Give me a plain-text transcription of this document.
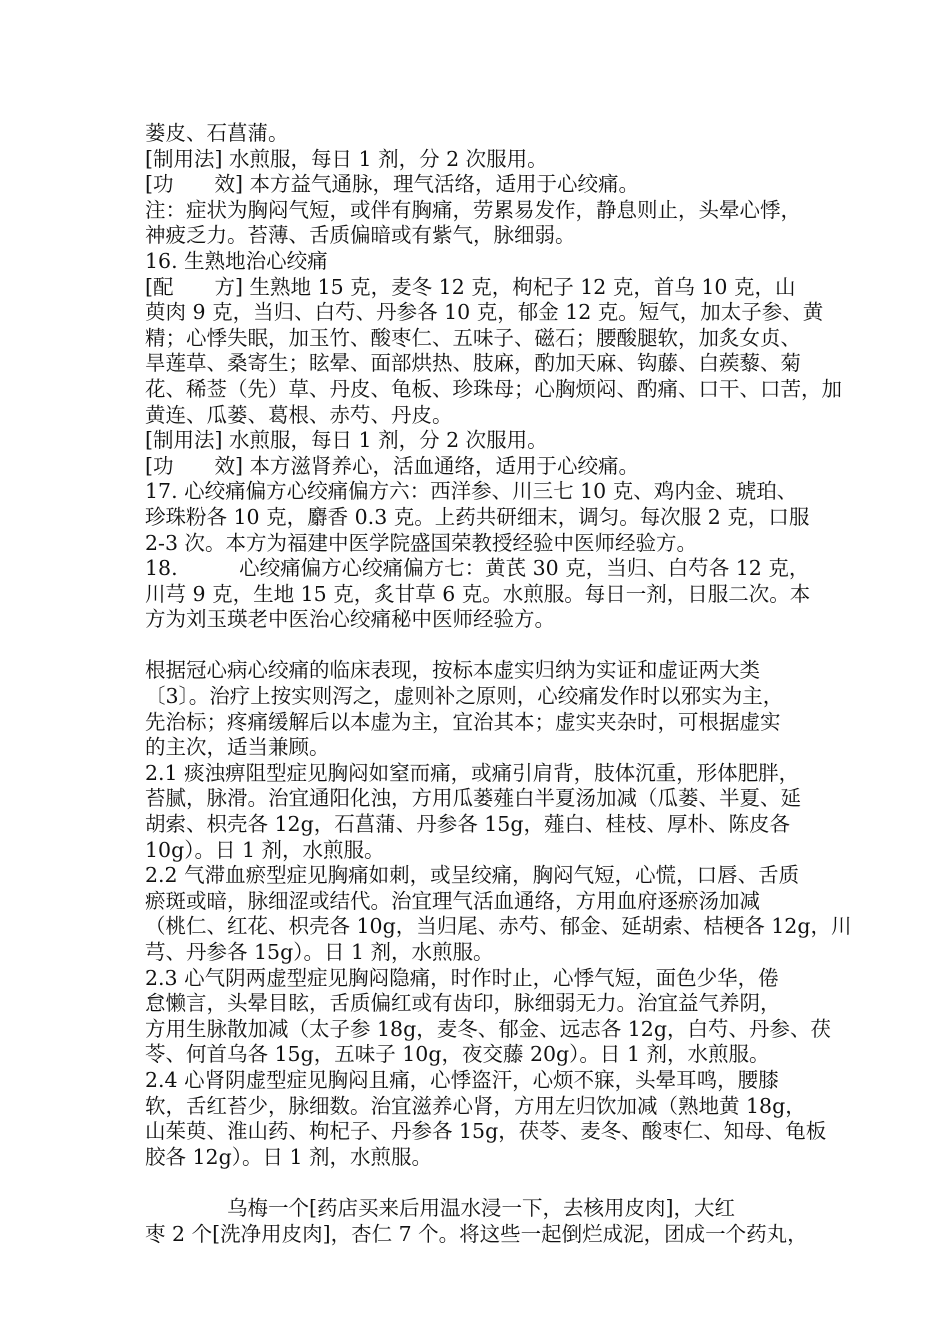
蒌皮、石菖蒲。
[制用法] 水煎服，每日 1 剂，分 2 次服用。
[功　　效] 本方益气通脉，理气活络，适用于心绞痛。
注：症状为胸闷气短，或伴有胸痛，劳累易发作，静息则止，头晕心悸，
神疲乏力。苔薄、舌质偏暗或有紫气，脉细弱。
16. 生熟地治心绞痛
[配　　方] 生熟地 15 克，麦冬 12 克，枸杞子 12 克，首乌 10 克，山
萸肉 9 克，当归、白芍、丹参各 10 克，郁金 12 克。短气，加太子参、黄
精；心悸失眠，加玉竹、酸枣仁、五味子、磁石；腰酸腿软，加炙女贞、
旱莲草、桑寄生；眩晕、面部烘热、肢麻，酌加天麻、钩藤、白蒺藜、菊
花、稀莶（先）草、丹皮、龟板、珍珠母；心胸烦闷、酌痛、口干、口苦，加
黄连、瓜蒌、葛根、赤芍、丹皮。
[制用法] 水煎服，每日 1 剂，分 2 次服用。
[功　　效] 本方滋肾养心，活血通络，适用于心绞痛。
17. 心绞痛偏方心绞痛偏方六：西洋参、川三七 10 克、鸡内金、琥珀、
珍珠粉各 10 克，麝香 0.3 克。上药共研细末，调匀。每次服 2 克，口服
2-3 次。本方为福建中医学院盛国荣教授经验中医师经验方。
18.　　　心绞痛偏方心绞痛偏方七：黄芪 30 克，当归、白芍各 12 克，
川芎 9 克，生地 15 克，炙甘草 6 克。水煎服。每日一剂，日服二次。本
方为刘玉瑛老中医治心绞痛秘中医师经验方。
根据冠心病心绞痛的临床表现，按标本虚实归纳为实证和虚证两大类
〔3〕。治疗上按实则泻之，虚则补之原则，心绞痛发作时以邪实为主，
先治标；疼痛缓解后以本虚为主，宜治其本；虚实夹杂时，可根据虚实
的主次，适当兼顾。
2.1 痰浊痹阻型症见胸闷如窒而痛，或痛引肩背，肢体沉重，形体肥胖，
苔腻，脉滑。治宜通阳化浊，方用瓜蒌薤白半夏汤加减（瓜蒌、半夏、延
胡索、枳壳各 12g，石菖蒲、丹参各 15g，薤白、桂枝、厚朴、陈皮各
10g）。日 1 剂，水煎服。
2.2 气滞血瘀型症见胸痛如刺，或呈绞痛，胸闷气短，心慌，口唇、舌质
瘀斑或暗，脉细涩或结代。治宜理气活血通络，方用血府逐瘀汤加减
（桃仁、红花、枳壳各 10g，当归尾、赤芍、郁金、延胡索、桔梗各 12g，川
芎、丹参各 15g）。日 1 剂，水煎服。
2.3 心气阴两虚型症见胸闷隐痛，时作时止，心悸气短，面色少华，倦
怠懒言，头晕目眩，舌质偏红或有齿印，脉细弱无力。治宜益气养阴，
方用生脉散加减（太子参 18g，麦冬、郁金、远志各 12g，白芍、丹参、茯
苓、何首乌各 15g，五味子 10g，夜交藤 20g）。日 1 剂，水煎服。
2.4 心肾阴虚型症见胸闷且痛，心悸盗汗，心烦不寐，头晕耳鸣，腰膝
软，舌红苔少，脉细数。治宜滋养心肾，方用左归饮加减（熟地黄 18g，
山茱萸、淮山药、枸杞子、丹参各 15g，茯苓、麦冬、酸枣仁、知母、龟板
胶各 12g）。日 1 剂，水煎服。
　　　　乌梅一个[药店买来后用温水浸一下，去核用皮肉]，大红
枣 2 个[洗净用皮肉]，杏仁 7 个。将这些一起倒烂成泥，团成一个药丸，
